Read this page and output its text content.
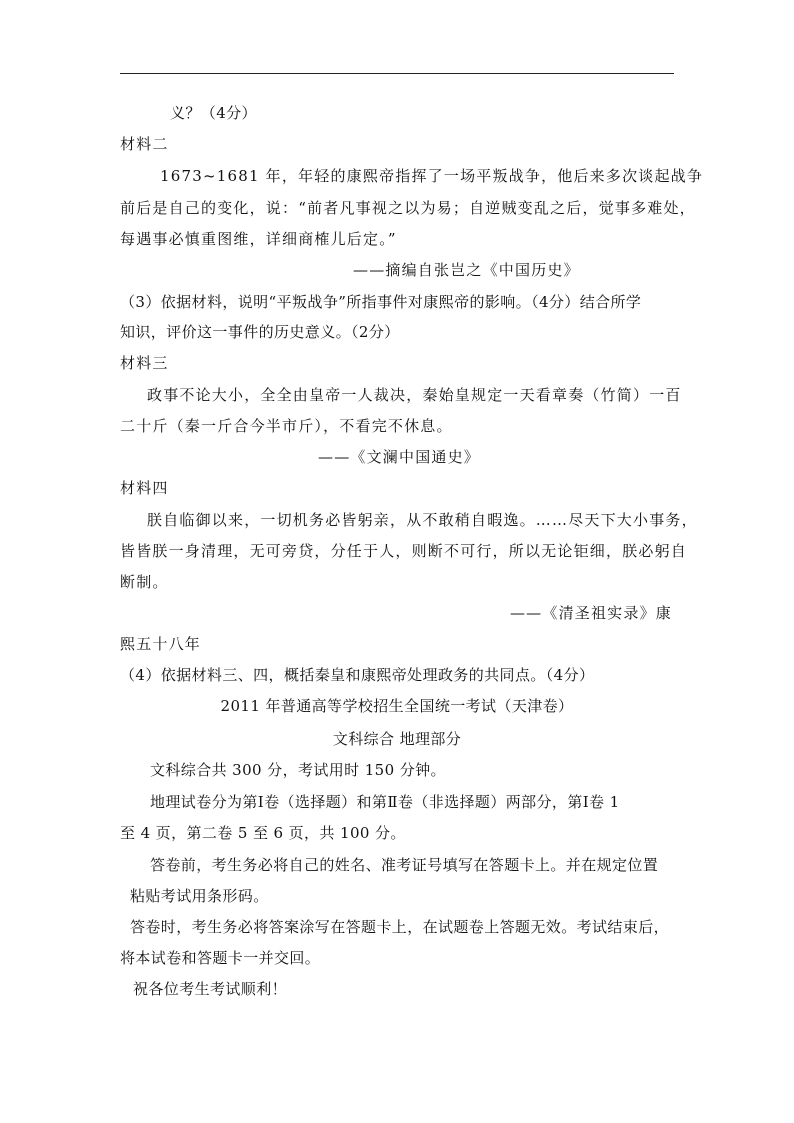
义？（4分）
材料二
1673~1681 年，年轻的康熙帝指挥了一场平叛战争，他后来多次谈起战争
前后是自己的变化，说：“前者凡事视之以为易；自逆贼变乱之后，觉事多难处，
每遇事必慎重图维，详细商榷儿后定。”
——摘编自张岂之《中国历史》
（3）依据材料，说明“平叛战争”所指事件对康熙帝的影响。（4分）结合所学
知识，评价这一事件的历史意义。（2分）
材料三
政事不论大小，全全由皇帝一人裁决，秦始皇规定一天看章奏（竹简）一百
二十斤（秦一斤合今半市斤），不看完不休息。
——《文澜中国通史》
材料四
朕自临御以来，一切机务必皆躬亲，从不敢稍自暇逸。……尽天下大小事务，
皆皆朕一身清理，无可旁贷，分任于人，则断不可行，所以无论钜细，朕必躬自
断制。
——《清圣祖实录》康
熙五十八年
（4）依据材料三、四，概括秦皇和康熙帝处理政务的共同点。（4分）
2011 年普通高等学校招生全国统一考试（天津卷）
文科综合 地理部分
文科综合共 300 分，考试用时 150 分钟。
地理试卷分为第Ⅰ卷（选择题）和第Ⅱ卷（非选择题）两部分，第Ⅰ卷 1
至 4 页，第二卷 5 至 6 页，共 100 分。
答卷前，考生务必将自己的姓名、准考证号填写在答题卡上。并在规定位置
粘贴考试用条形码。
答卷时，考生务必将答案涂写在答题卡上，在试题卷上答题无效。考试结束后，
将本试卷和答题卡一并交回。
祝各位考生考试顺利！
